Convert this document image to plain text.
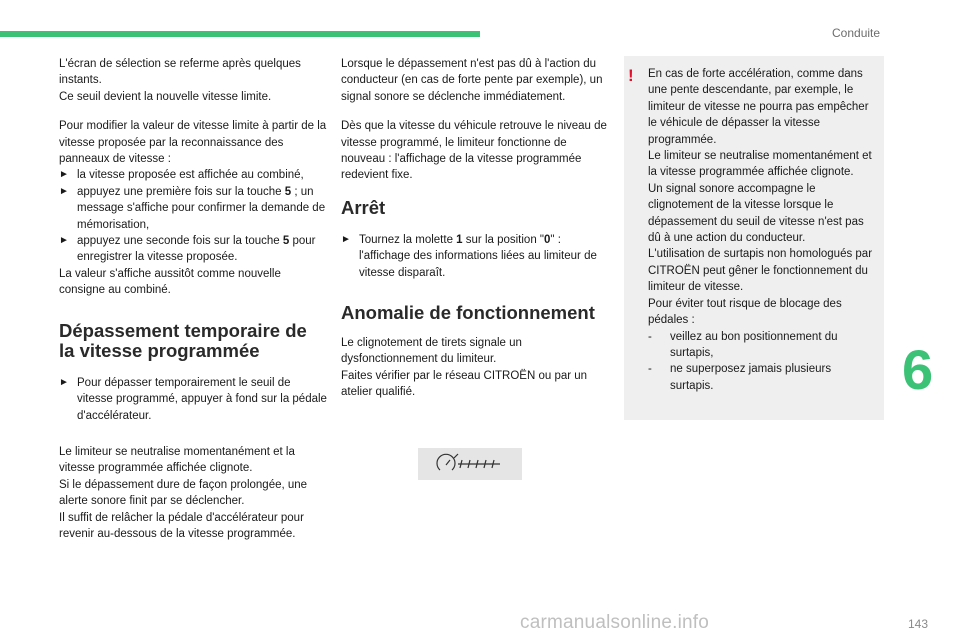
Conduite

L'écran de sélection se referme après quelques instants.

Ce seuil devient la nouvelle vitesse limite.

Pour modifier la valeur de vitesse limite à partir de la vitesse proposée par la reconnaissance des panneaux de vitesse :

► la vitesse proposée est affichée au combiné,

► appuyez une première fois sur la touche 5 ; un message s'affiche pour confirmer la demande de mémorisation,

► appuyez une seconde fois sur la touche 5 pour enregistrer la vitesse proposée.

La valeur s'affiche aussitôt comme nouvelle consigne au combiné.

Dépassement temporaire de la vitesse programmée

► Pour dépasser temporairement le seuil de vitesse programmé, appuyer à fond sur la pédale d'accélérateur.

Le limiteur se neutralise momentanément et la vitesse programmée affichée clignote.

Si le dépassement dure de façon prolongée, une alerte sonore finit par se déclencher.

Il suffit de relâcher la pédale d'accélérateur pour revenir au-dessous de la vitesse programmée.

Lorsque le dépassement n'est pas dû à l'action du conducteur (en cas de forte pente par exemple), un signal sonore se déclenche immédiatement.

Dès que la vitesse du véhicule retrouve le niveau de vitesse programmé, le limiteur fonctionne de nouveau : l'affichage de la vitesse programmée redevient fixe.

Arrêt

► Tournez la molette 1 sur la position "0" : l'affichage des informations liées au limiteur de vitesse disparaît.

Anomalie de fonctionnement

Le clignotement de tirets signale un dysfonctionnement du limiteur.

Faites vérifier par le réseau CITROËN ou par un atelier qualifié.

En cas de forte accélération, comme dans une pente descendante, par exemple, le limiteur de vitesse ne pourra pas empêcher le véhicule de dépasser la vitesse programmée.

Le limiteur se neutralise momentanément et la vitesse programmée affichée clignote.

Un signal sonore accompagne le clignotement de la vitesse lorsque le dépassement du seuil de vitesse n'est pas dû à une action du conducteur.

L'utilisation de surtapis non homologués par CITROËN peut gêner le fonctionnement du limiteur de vitesse.

Pour éviter tout risque de blocage des pédales :

- veillez au bon positionnement du surtapis,

- ne superposez jamais plusieurs surtapis.

!
6
carmanualsonline.info	143
